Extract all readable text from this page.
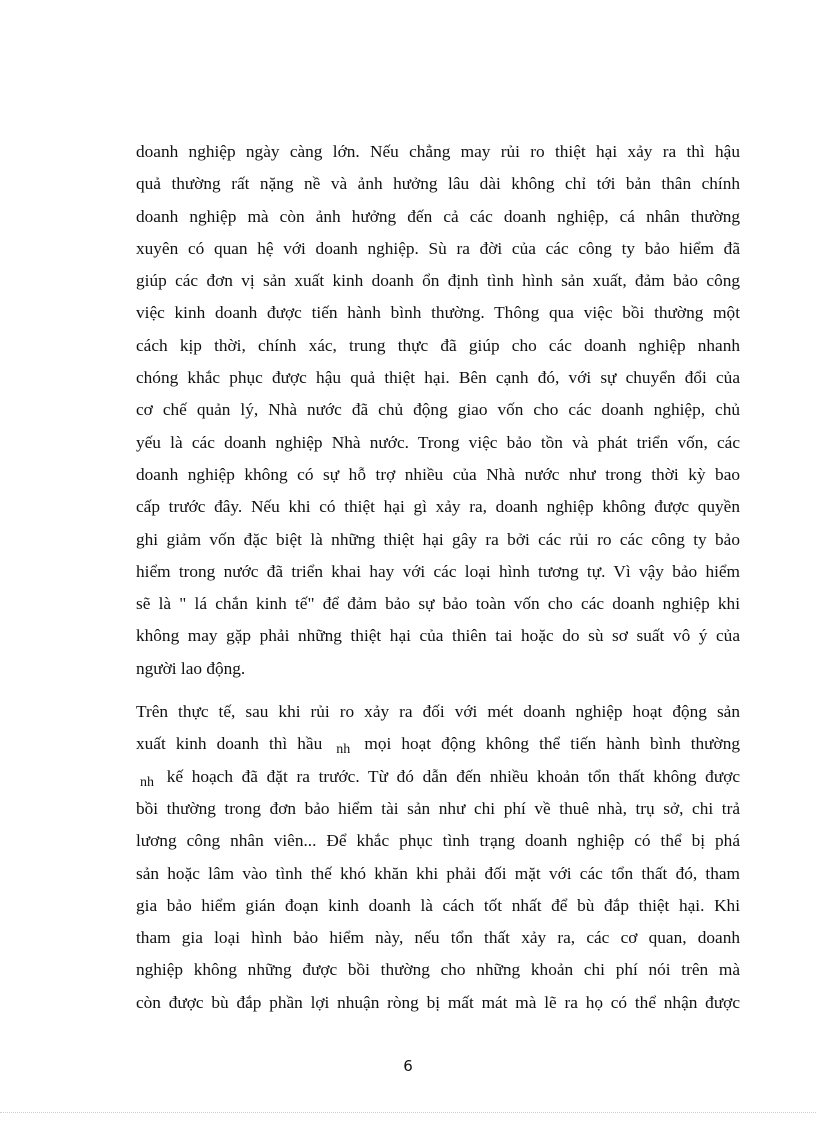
doanh nghiệp ngày càng lớn. Nếu chẳng may rủi ro thiệt hại xảy ra thì hậu
quả thường rất nặng nề và ảnh hưởng lâu dài không chỉ tới bản thân chính
doanh nghiệp mà còn ảnh hưởng đến cả các doanh nghiệp, cá nhân thường
xuyên có quan hệ với doanh nghiệp. Sù ra đời của các công ty bảo hiểm đã
giúp các đơn vị sản xuất kinh doanh ổn định tình hình sản xuất, đảm bảo công
việc kinh doanh được tiến hành bình thường. Thông qua việc bồi thường một
cách kịp thời, chính xác, trung thực đã giúp cho các doanh nghiệp nhanh
chóng khắc phục được hậu quả thiệt hại. Bên cạnh đó, với sự chuyển đổi của
cơ chế quản lý, Nhà nước đã chủ động giao vốn cho các doanh nghiệp, chủ
yếu là các doanh nghiệp Nhà nước. Trong việc bảo tồn và phát triển vốn, các
doanh nghiệp không có sự hỗ trợ nhiều của Nhà nước như trong thời kỳ bao
cấp trước đây. Nếu khi có thiệt hại gì xảy ra, doanh nghiệp không được quyền
ghi giảm vốn đặc biệt là những thiệt hại gây ra bởi các rủi ro các công ty bảo
hiểm trong nước đã triển khai hay với các loại hình tương tự. Vì vậy bảo hiểm
sẽ là " lá chắn kinh tế" để đảm bảo sự bảo toàn vốn cho các doanh nghiệp khi
không may gặp phải những thiệt hại của thiên tai hoặc do sù sơ suất vô ý của
người lao động.

Trên thực tế, sau khi rủi ro xảy ra đối với mét doanh nghiệp hoạt động sản
xuất kinh doanh thì hầu $_{nh}$ mọi hoạt động không thể tiến hành bình thường
$_{nh}$ kế hoạch đã đặt ra trước. Từ đó dẫn đến nhiều khoản tổn thất không được
bồi thường trong đơn bảo hiểm tài sản như chi phí về thuê nhà, trụ sở, chi trả
lương công nhân viên... Để khắc phục tình trạng doanh nghiệp có thể bị phá
sản hoặc lâm vào tình thế khó khăn khi phải đối mặt với các tổn thất đó, tham
gia bảo hiểm gián đoạn kinh doanh là cách tốt nhất để bù đắp thiệt hại. Khi
tham gia loại hình bảo hiểm này, nếu tổn thất xảy ra, các cơ quan, doanh
nghiệp không những được bồi thường cho những khoản chi phí nói trên mà
còn được bù đắp phần lợi nhuận ròng bị mất mát mà lẽ ra họ có thể nhận được

6
